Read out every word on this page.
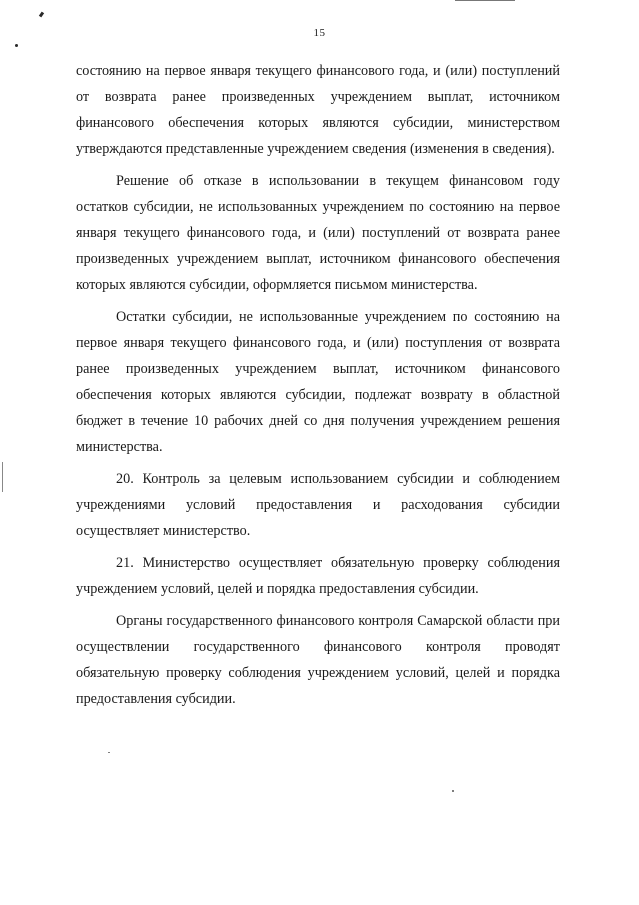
15

состоянию на первое января текущего финансового года, и (или) поступлений от возврата ранее произведенных учреждением выплат, источником финансового обеспечения которых являются субсидии, министерством утверждаются представленные учреждением сведения (изменения в сведения).

Решение об отказе в использовании в текущем финансовом году остатков субсидии, не использованных учреждением по состоянию на первое января текущего финансового года, и (или) поступлений от возврата ранее произведенных учреждением выплат, источником финансового обеспечения которых являются субсидии, оформляется письмом министерства.

Остатки субсидии, не использованные учреждением по состоянию на первое января текущего финансового года, и (или) поступления от возврата ранее произведенных учреждением выплат, источником финансового обеспечения которых являются субсидии, подлежат возврату в областной бюджет в течение 10 рабочих дней со дня получения учреждением решения министерства.

20. Контроль за целевым использованием субсидии и соблюдением учреждениями условий предоставления и расходования субсидии осуществляет министерство.

21. Министерство осуществляет обязательную проверку соблюдения учреждением условий, целей и порядка предоставления субсидии.

Органы государственного финансового контроля Самарской области при осуществлении государственного финансового контроля проводят обязательную проверку соблюдения учреждением условий, целей и порядка предоставления субсидии.
